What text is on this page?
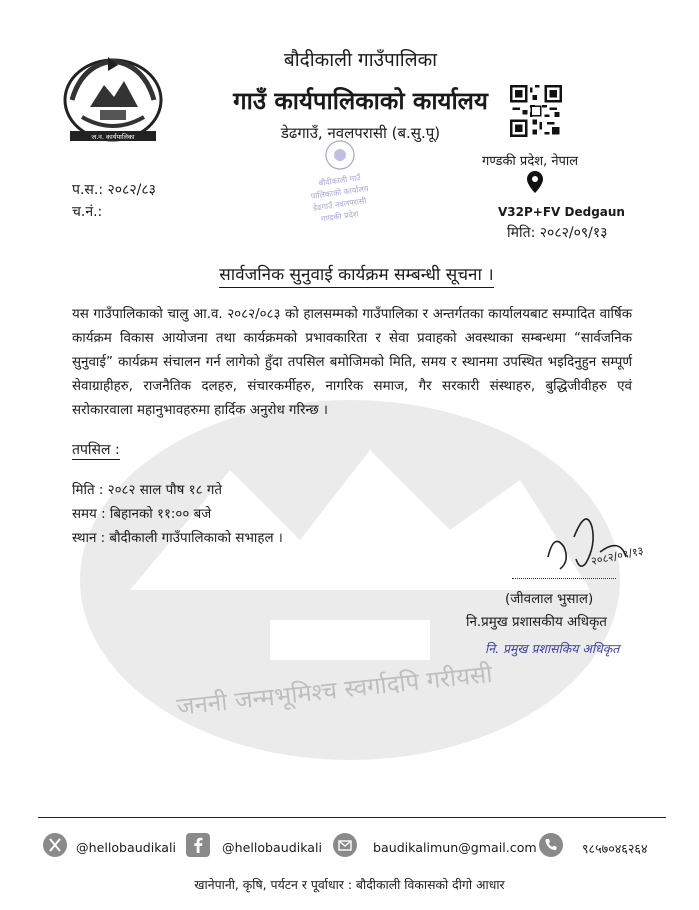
ज.न. कार्यपालिका
बौदीकाली गाउँ
पालिकाको कार्यालय
डेढगाउँ नवलपरासी
गण्डकी प्रदेश
बौदीकाली गाउँपालिका
गाउँ कार्यपालिकाको कार्यालय
डेढगाउँ, नवलपरासी (ब.सु.पू)
गण्डकी प्रदेश, नेपाल
V32P+FV Dedgaun
मिति: २०८२/०९/१३
प.स.: २०८२/८३
च.नं.:
सार्वजनिक सुनुवाई कार्यक्रम सम्बन्धी सूचना ।
यस गाउँपालिकाको चालु आ.व. २०८२/०८३ को हालसम्मको गाउँपालिका र अन्तर्गतका कार्यालयबाट सम्पादित वार्षिक कार्यक्रम विकास आयोजना तथा कार्यक्रमको प्रभावकारिता र सेवा प्रवाहको अवस्थाका सम्बन्धमा “सार्वजनिक सुनुवाई” कार्यक्रम संचालन गर्न लागेको हुँदा तपसिल बमोजिमको मिति, समय र स्थानमा उपस्थित भइदिनुहुन सम्पूर्ण सेवाग्राहीहरु, राजनैतिक दलहरु, संचारकर्मीहरु, नागरिक समाज, गैर सरकारी संस्थाहरु, बुद्धिजीवीहरु एवं सरोकारवाला महानुभावहरुमा हार्दिक अनुरोध गरिन्छ ।
तपसिल :
मिति : २०८२ साल पौष १८ गते
समय : बिहानको ११:०० बजे
स्थान : बौदीकाली गाउँपालिकाको सभाहल ।
२०८२/०९/१३
(जीवलाल भुसाल)
नि.प्रमुख प्रशासकीय अधिकृत
नि. प्रमुख प्रशासकिय अधिकृत
जननी जन्मभूमिश्च स्वर्गादपि गरीयसी
@hellobaudikali	@hellobaudikali	baudikalimun@gmail.com	९८५७०४६२६४
खानेपानी, कृषि, पर्यटन र पूर्वाधार : बौदीकाली विकासको दीगो आधार
